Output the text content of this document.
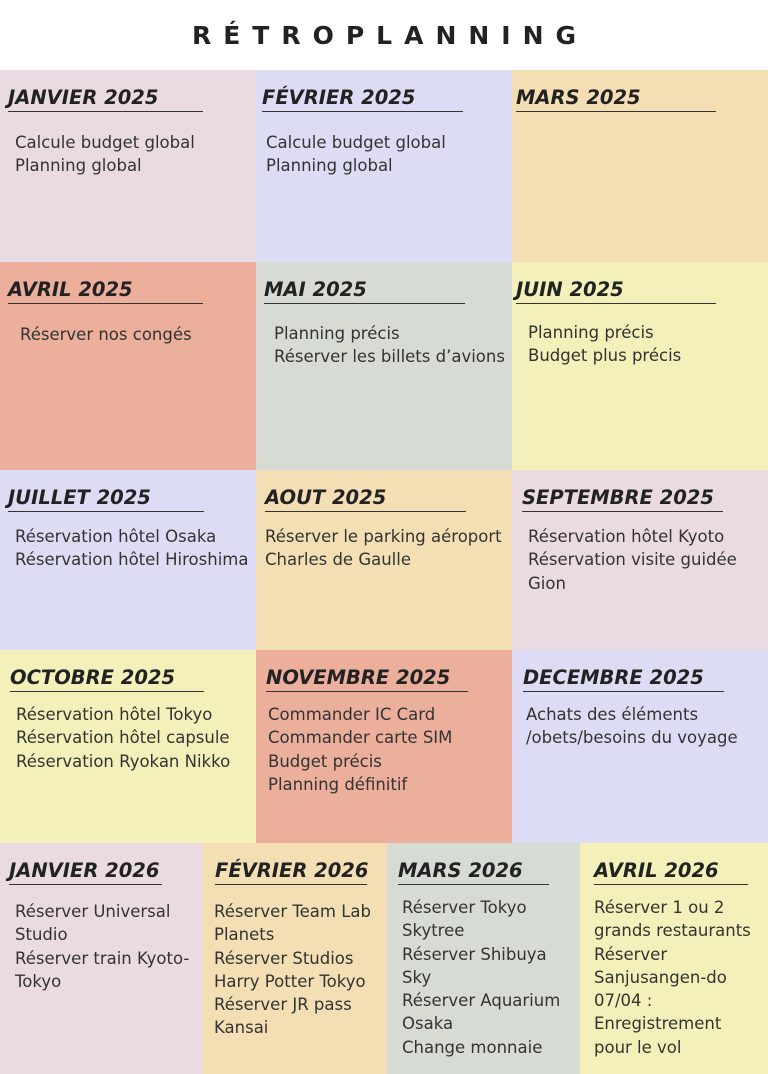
RÉTROPLANNING
JANVIER 2025
Calcule budget global
Planning global
FÉVRIER 2025
Calcule budget global
Planning global
MARS 2025
AVRIL 2025
Réserver nos congés
MAI 2025
Planning précis
Réserver les billets d’avions
JUIN 2025
Planning précis
Budget plus précis
JUILLET 2025
Réservation hôtel Osaka
Réservation hôtel Hiroshima
AOUT 2025
Réserver le parking aéroport
Charles de Gaulle
SEPTEMBRE 2025
Réservation hôtel Kyoto
Réservation visite guidée
Gion
OCTOBRE 2025
Réservation hôtel Tokyo
Réservation hôtel capsule
Réservation Ryokan Nikko
NOVEMBRE 2025
Commander IC Card
Commander carte SIM
Budget précis
Planning définitif
DECEMBRE 2025
Achats des éléments
/obets/besoins du voyage
JANVIER 2026
Réserver Universal
Studio
Réserver train Kyoto-
Tokyo
FÉVRIER 2026
Réserver Team Lab
Planets
Réserver Studios
Harry Potter Tokyo
Réserver JR pass
Kansai
MARS 2026
Réserver Tokyo
Skytree
Réserver Shibuya
Sky
Réserver Aquarium
Osaka
Change monnaie
AVRIL 2026
Réserver 1 ou 2
grands restaurants
Réserver
Sanjusangen-do
07/04 :
Enregistrement
pour le vol
